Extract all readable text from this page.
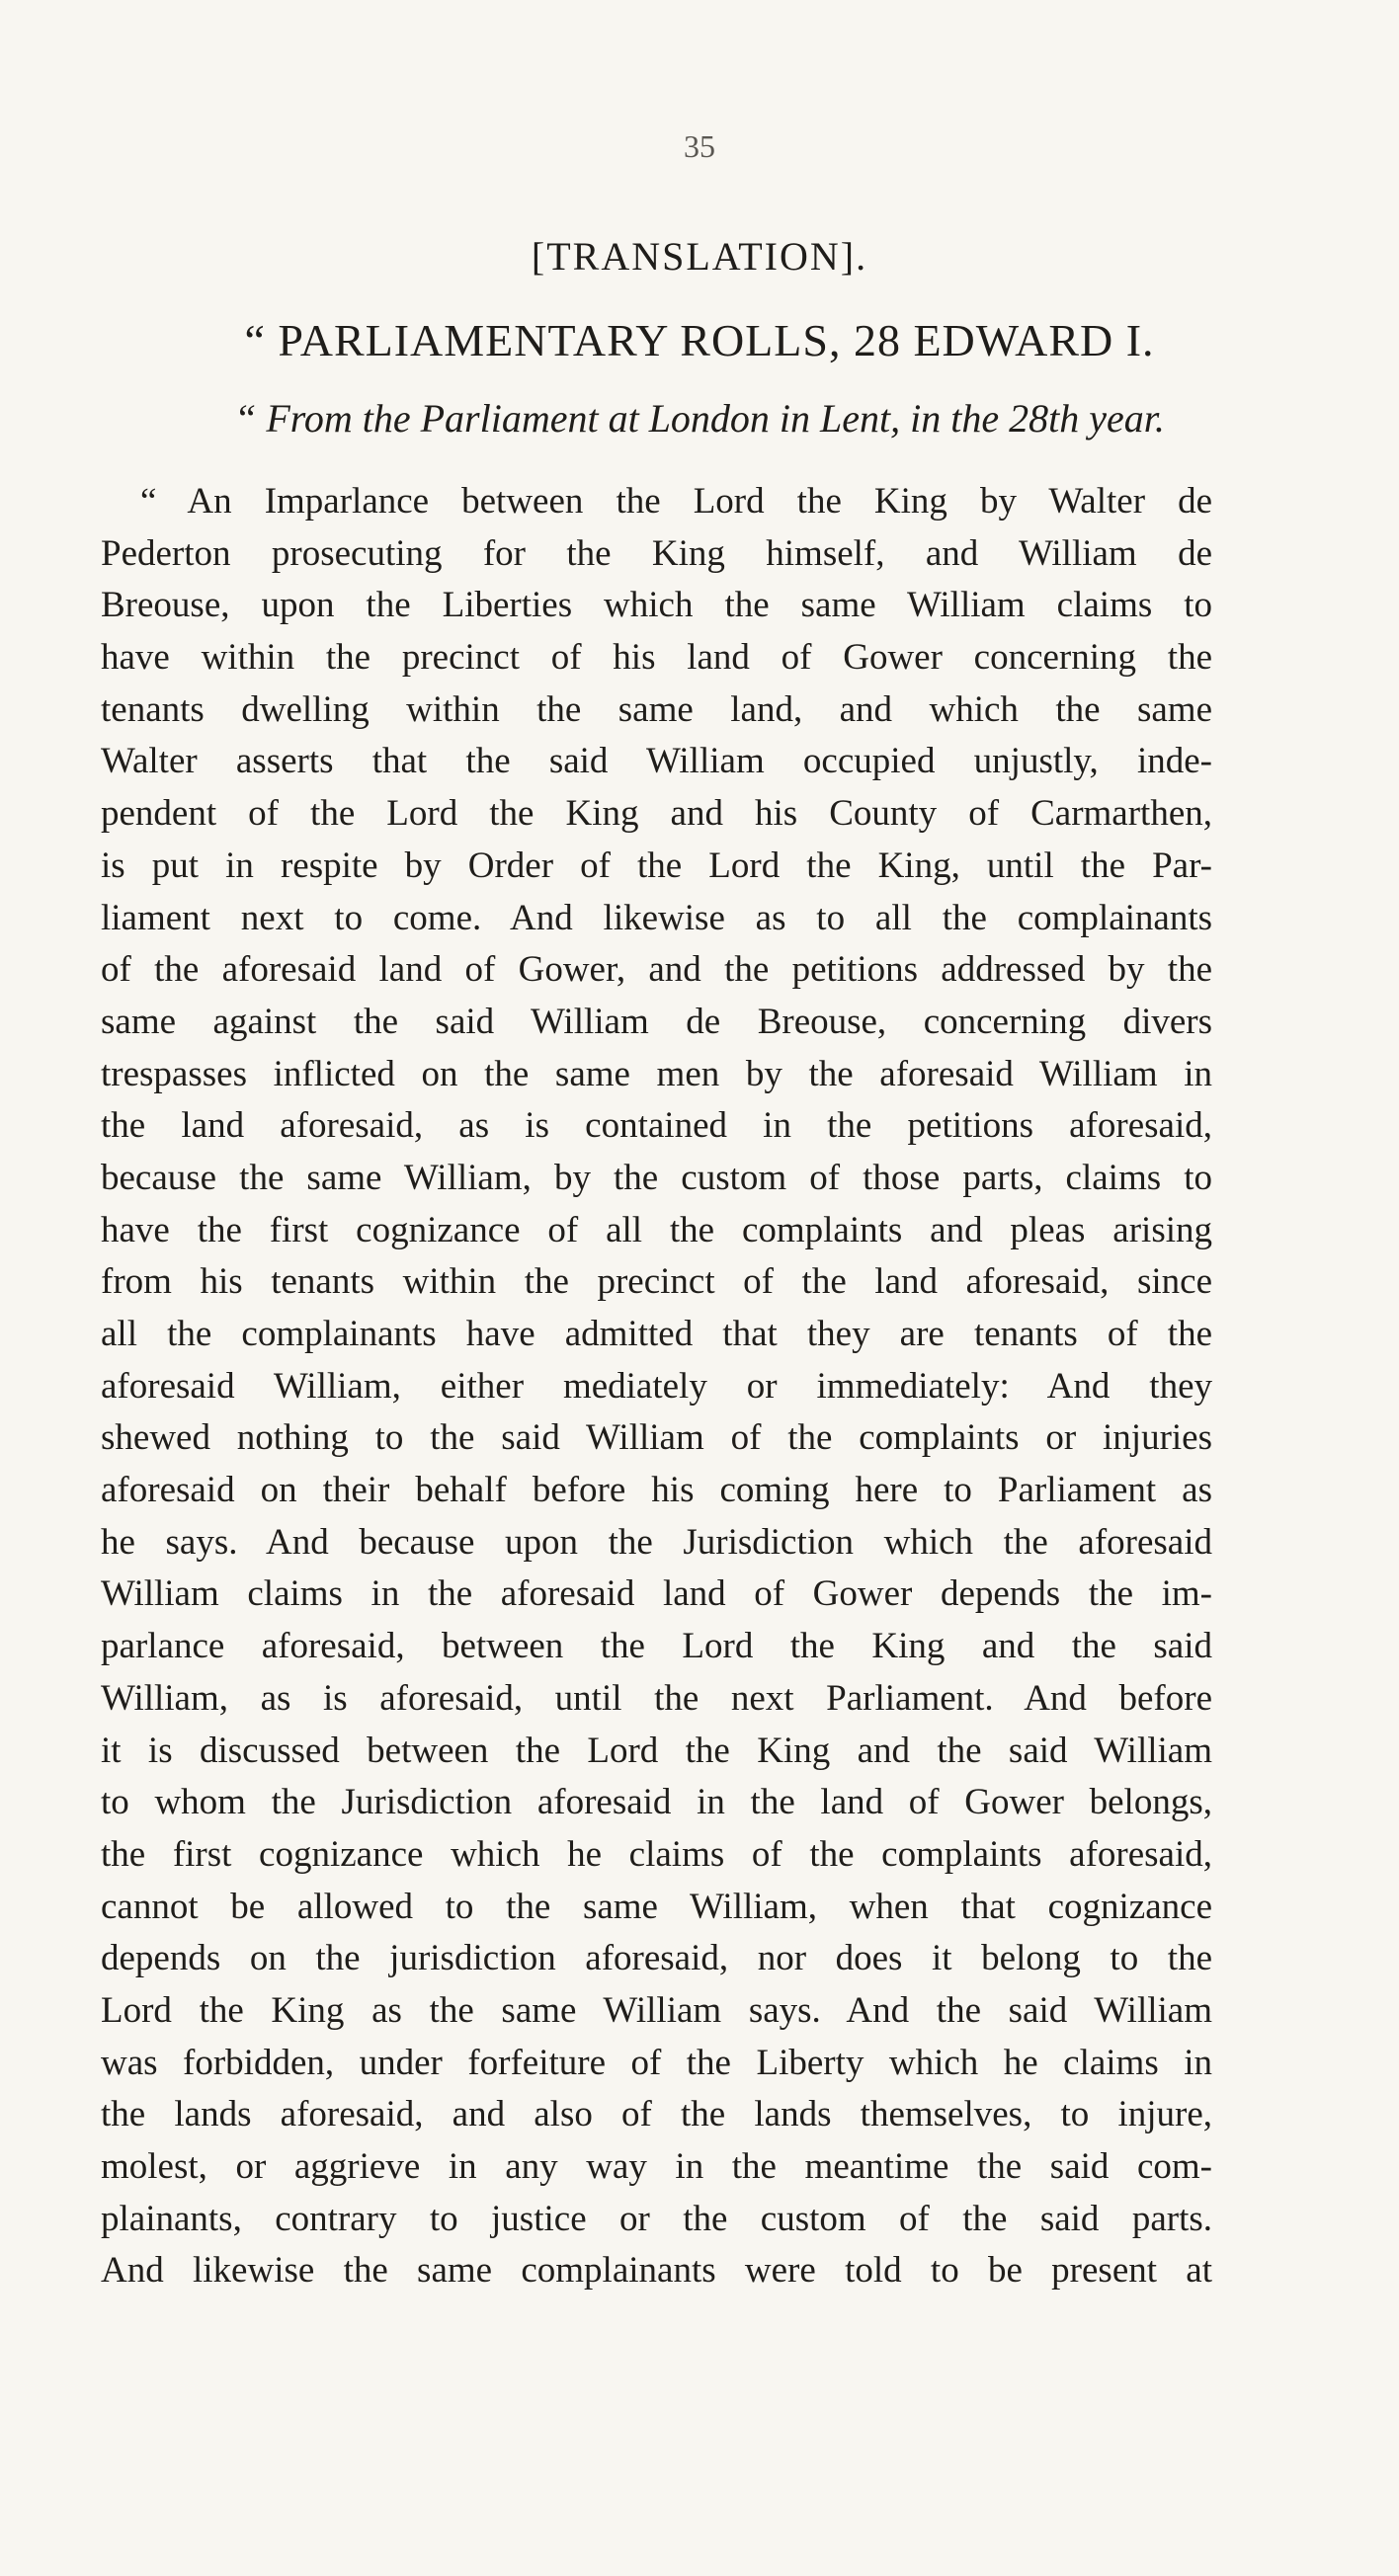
35
[TRANSLATION].
“ PARLIAMENTARY ROLLS, 28 EDWARD I.
“ From the Parliament at London in Lent, in the 28th year.
“ An Imparlance between the Lord the King by Walter de
Pederton prosecuting for the King himself, and William de
Breouse, upon the Liberties which the same William claims to
have within the precinct of his land of Gower concerning the
tenants dwelling within the same land, and which the same
Walter asserts that the said William occupied unjustly, inde-
pendent of the Lord the King and his County of Carmarthen,
is put in respite by Order of the Lord the King, until the Par-
liament next to come. And likewise as to all the complainants
of the aforesaid land of Gower, and the petitions addressed by the
same against the said William de Breouse, concerning divers
trespasses inflicted on the same men by the aforesaid William in
the land aforesaid, as is contained in the petitions aforesaid,
because the same William, by the custom of those parts, claims to
have the first cognizance of all the complaints and pleas arising
from his tenants within the precinct of the land aforesaid, since
all the complainants have admitted that they are tenants of the
aforesaid William, either mediately or immediately: And they
shewed nothing to the said William of the complaints or injuries
aforesaid on their behalf before his coming here to Parliament as
he says. And because upon the Jurisdiction which the aforesaid
William claims in the aforesaid land of Gower depends the im-
parlance aforesaid, between the Lord the King and the said
William, as is aforesaid, until the next Parliament. And before
it is discussed between the Lord the King and the said William
to whom the Jurisdiction aforesaid in the land of Gower belongs,
the first cognizance which he claims of the complaints aforesaid,
cannot be allowed to the same William, when that cognizance
depends on the jurisdiction aforesaid, nor does it belong to the
Lord the King as the same William says. And the said William
was forbidden, under forfeiture of the Liberty which he claims in
the lands aforesaid, and also of the lands themselves, to injure,
molest, or aggrieve in any way in the meantime the said com-
plainants, contrary to justice or the custom of the said parts.
And likewise the same complainants were told to be present at
